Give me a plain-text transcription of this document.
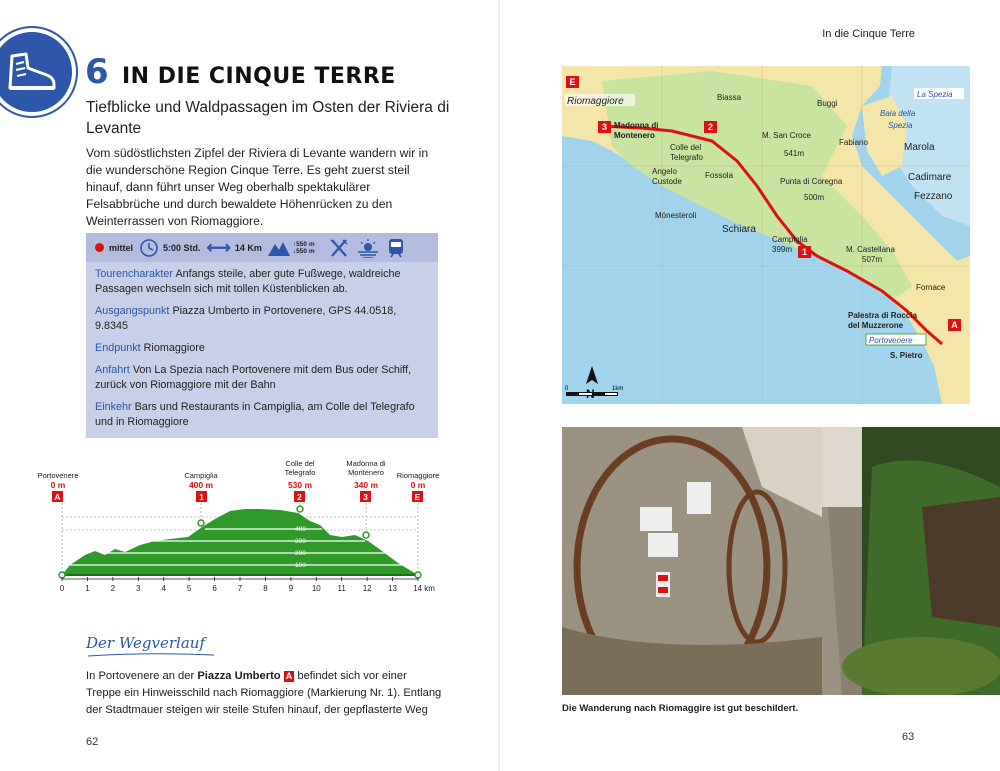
6 IN DIE CINQUE TERRE
Tiefblicke und Waldpassagen im Osten der Riviera di Levante
Vom südöstlichsten Zipfel der Riviera di Levante wandern wir in die wunderschöne Region Cinque Terre. Es geht zuerst steil hinauf, dann führt unser Weg oberhalb spektakulärer Felsabbrüche und durch bewaldete Höhenrücken zu den Weinterrassen von Riomaggiore.
mittel	5:00 Std. ⟷ 14 Km	↑550 m
↓550 m

Tourencharakter Anfangs steile, aber gute Fußwege, waldreiche Passagen wechseln sich mit tollen Küstenblicken ab.

Ausgangspunkt Piazza Umberto in Portovenere, GPS 44.0518, 9.8345

Endpunkt Riomaggiore

Anfahrt Von La Spezia nach Portovenere mit dem Bus oder Schiff, zurück von Riomaggiore mit der Bahn

Einkehr Bars und Restaurants in Campiglia, am Colle del Telegrafo und in Riomaggiore

100
200
300
400
Portovenere	Campiglia
Colle del
Telegrafo
Madonna di
Montenero Riomaggiore
0 m	400 m	530 m	340 m	0 m
A	1	2	3	E
0	1	2	3	4	5	6	7	8	9 10 11 12 13 14 km
Der Wegverlauf
In Portovenere an der Piazza Umberto A befindet sich vor einer Treppe ein Hinweisschild nach Riomaggiore (Markierung Nr. 1). Entlang der Stadtmauer steigen wir steile Stufen hinauf, der gepflasterte Weg
62
In die Cinque Terre
E
3	2
1
A
Riomaggiore	Biassa
Buggi
La Spezia
Baia della
Spezia
Madonna di
Montenero
Colle del
Telegrafo
Angelo
Custode
Fossola
M. San Croce
541m
Fabiano	Marola
Cadimare
Fezzano
Punta di Coregna
500m
Mónesteroli
Schiara
Campiglia
399m	M. Castellana
507m
Fornace
Palestra di Roccia
del Muzzerone
Portovenere
S. Pietro
0	1km
Die Wanderung nach Riomaggire ist gut beschildert.
63
